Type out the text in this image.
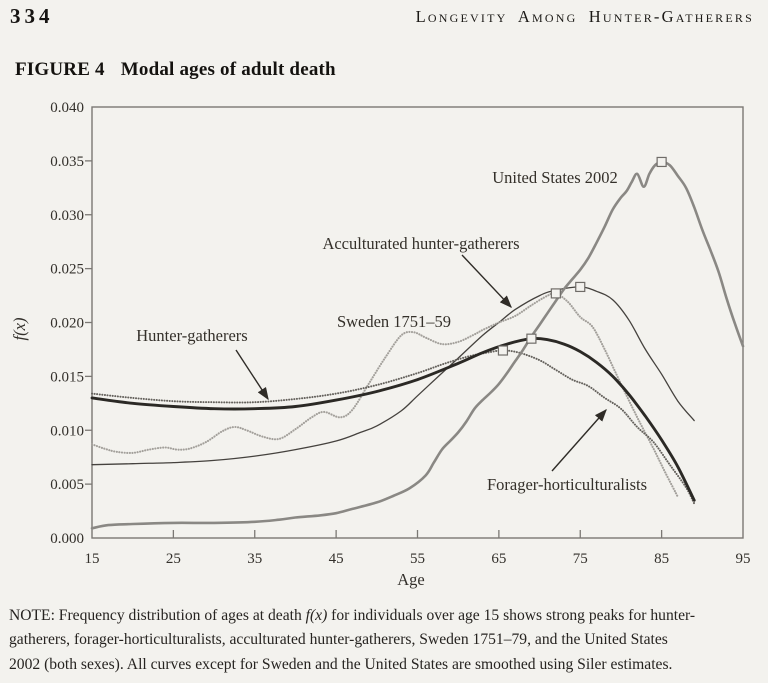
334	Longevity Among Hunter-Gatherers
FIGURE 4 Modal ages of adult death
15	25	35	45	55	65	75	85	95
0.000
0.005
0.010
0.015
0.020
0.025
0.030
0.035
0.040
Age
f(x)
United States 2002
Acculturated hunter-gatherers
Sweden 1751–59
Hunter-gatherers
Forager-horticulturalists
NOTE: Frequency distribution of ages at death f(x) for individuals over age 15 shows strong peaks for hunter-
gatherers, forager-horticulturalists, acculturated hunter-gatherers, Sweden 1751–79, and the United States
2002 (both sexes). All curves except for Sweden and the United States are smoothed using Siler estimates.
